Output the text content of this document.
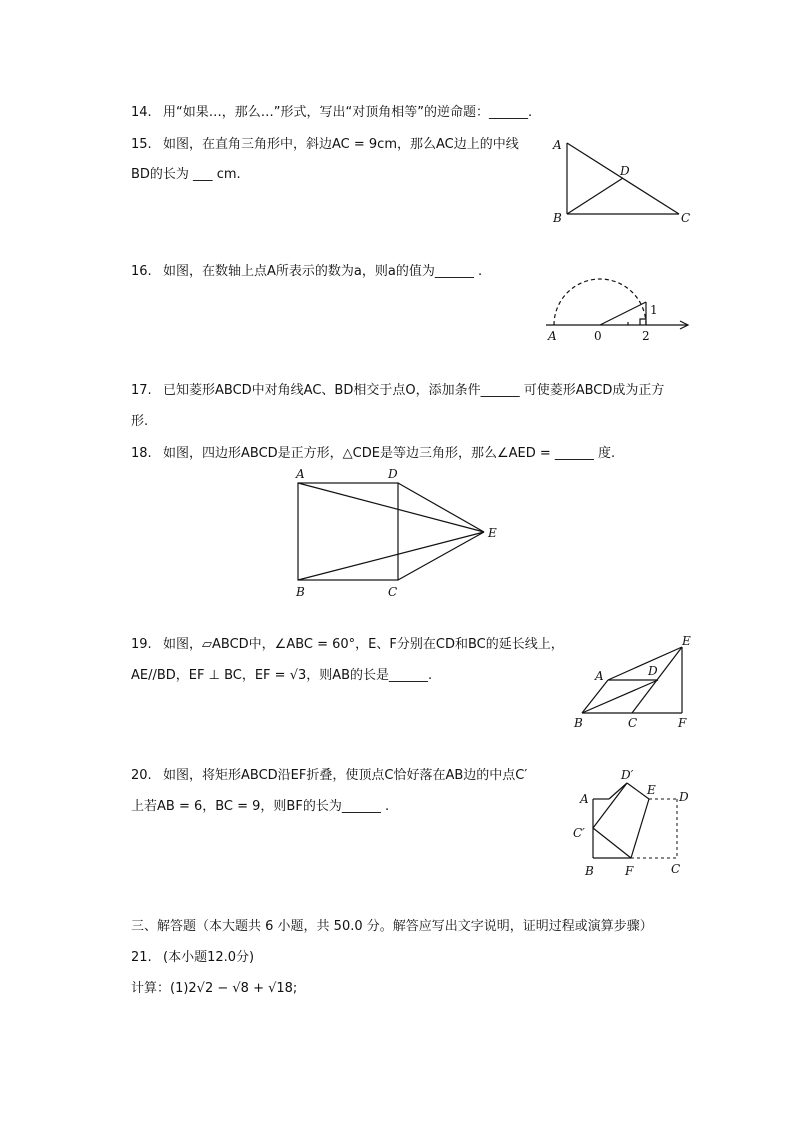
14. 用“如果…，那么…”形式，写出“对顶角相等”的逆命题：______.
15. 如图，在直角三角形中，斜边AC = 9cm，那么AC边上的中线
BD的长为 ___ cm.
A
B	C
D
16. 如图，在数轴上点A所表示的数为a，则a的值为______ .
A	0	2
1
17. 已知菱形ABCD中对角线AC、BD相交于点O，添加条件______ 可使菱形ABCD成为正方
形.
18. 如图，四边形ABCD是正方形，△CDE是等边三角形，那么∠AED = ______ 度.
A	D
B	C
E
19. 如图，▱ABCD中，∠ABC = 60°，E、F分别在CD和BC的延长线上，
AE//BD，EF ⊥ BC，EF = √3，则AB的长是______.	A	D
E
B	C	F
20. 如图，将矩形ABCD沿EF折叠，使顶点C恰好落在AB边的中点C′
上若AB = 6，BC = 9，则BF的长为______ .	A
D′
E D
C′
B	F	C
三、解答题（本大题共 6 小题，共 50.0 分。解答应写出文字说明，证明过程或演算步骤）
21. (本小题12.0分)
计算：(1)2√2 − √8 + √18;
